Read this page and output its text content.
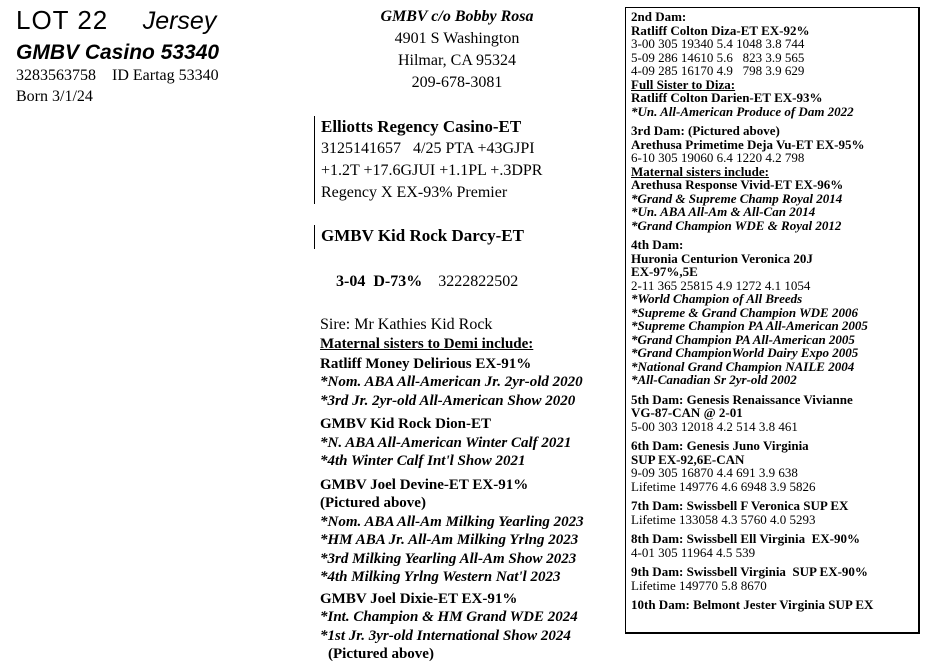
LOT 22 Jersey
GMBV Casino 53340
3283563758    ID Eartag 53340
Born 3/1/24
GMBV c/o Bobby Rosa
4901 S Washington
Hilmar, CA 95324
209-678-3081
Elliotts Regency Casino-ET
3125141657   4/25 PTA +43GJPI
+1.2T +17.6GJUI +1.1PL +.3DPR
Regency X EX-93% Premier
GMBV Kid Rock Darcy-ET

3-04  D-73% 3222822502

Sire: Mr Kathies Kid Rock
Maternal sisters to Demi include:
Ratliff Money Delirious EX-91%
*Nom. ABA All-American Jr. 2yr-old 2020
*3rd Jr. 2yr-old All-American Show 2020
GMBV Kid Rock Dion-ET
*N. ABA All-American Winter Calf 2021
*4th Winter Calf Int'l Show 2021
GMBV Joel Devine-ET EX-91%
(Pictured above)
*Nom. ABA All-Am Milking Yearling 2023
*HM ABA Jr. All-Am Milking Yrlng 2023
*3rd Milking Yearling All-Am Show 2023
*4th Milking Yrlng Western Nat'l 2023
GMBV Joel Dixie-ET EX-91%
*Int. Champion & HM Grand WDE 2024
*1st Jr. 3yr-old International Show 2024
(Pictured above)
2nd Dam:
Ratliff Colton Diza-ET EX-92%
3-00 305 19340 5.4 1048 3.8 744
5-09 286 14610 5.6   823 3.9 565
4-09 285 16170 4.9   798 3.9 629
Full Sister to Diza:
Ratliff Colton Darien-ET EX-93%
*Un. All-American Produce of Dam 2022
3rd Dam: (Pictured above)
Arethusa Primetime Deja Vu-ET EX-95%
6-10 305 19060 6.4 1220 4.2 798
Maternal sisters include:
Arethusa Response Vivid-ET EX-96%
*Grand & Supreme Champ Royal 2014
*Un. ABA All-Am & All-Can 2014
*Grand Champion WDE & Royal 2012
4th Dam:
Huronia Centurion Veronica 20J
EX-97%,5E
2-11 365 25815 4.9 1272 4.1 1054
*World Champion of All Breeds
*Supreme & Grand Champion WDE 2006
*Supreme Champion PA All-American 2005
*Grand Champion PA All-American 2005
*Grand ChampionWorld Dairy Expo 2005
*National Grand Champion NAILE 2004
*All-Canadian Sr 2yr-old 2002
5th Dam: Genesis Renaissance Vivianne
VG-87-CAN @ 2-01
5-00 303 12018 4.2 514 3.8 461
6th Dam: Genesis Juno Virginia
SUP EX-92,6E-CAN
9-09 305 16870 4.4 691 3.9 638
Lifetime 149776 4.6 6948 3.9 5826
7th Dam: Swissbell F Veronica SUP EX
Lifetime 133058 4.3 5760 4.0 5293
8th Dam: Swissbell Ell Virginia  EX-90%
4-01 305 11964 4.5 539
9th Dam: Swissbell Virginia  SUP EX-90%
Lifetime 149770 5.8 8670
10th Dam: Belmont Jester Virginia SUP EX
